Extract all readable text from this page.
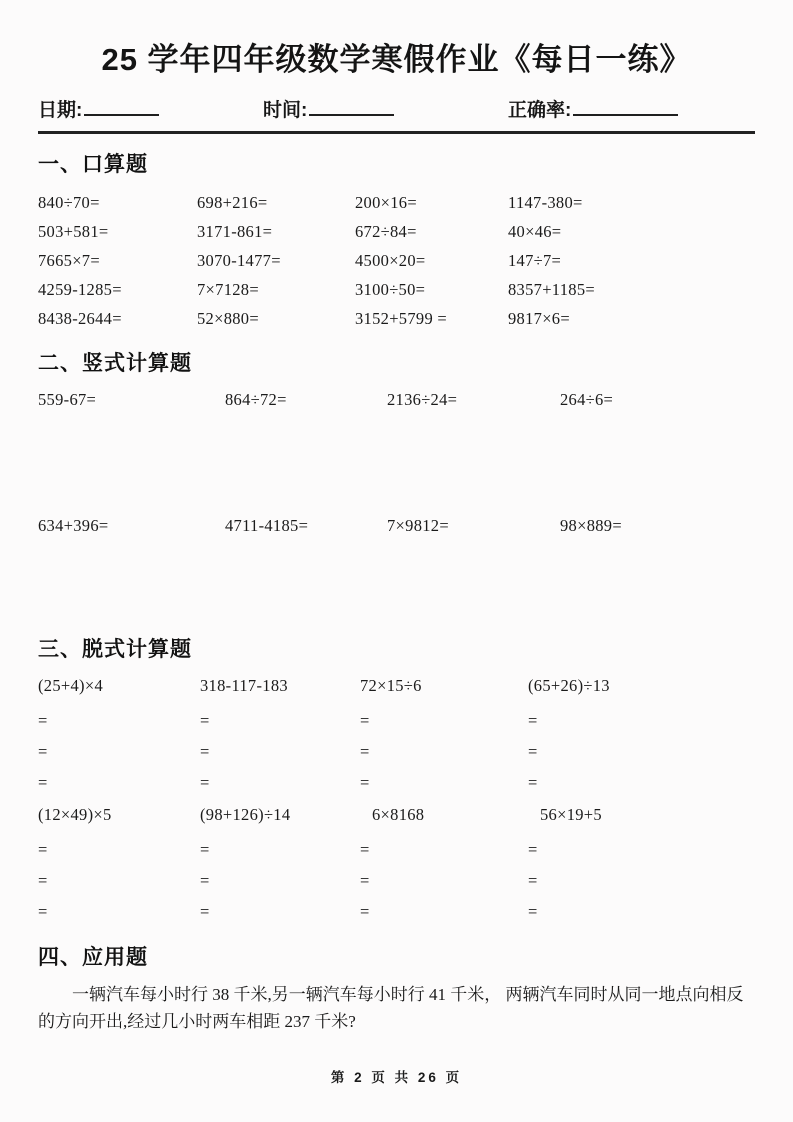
25 学年四年级数学寒假作业《每日一练》
日期:	时间:	正确率:
一、口算题
840÷70=	698+216=	200×16=	1147-380=
503+581=	3171-861=	672÷84=	40×46=
7665×7=	3070-1477=	4500×20=	147÷7=
4259-1285=	7×7128=	3100÷50=	8357+1185=
8438-2644=	52×880=	3152+5799 =	9817×6=
二、竖式计算题
559-67=	864÷72=	2136÷24=	264÷6=
634+396=	4711-4185=	7×9812=	98×889=
三、脱式计算题
(25+4)×4	318-117-183	72×15÷6	(65+26)÷13
=	=	=	=
=	=	=	=
=	=	=	=
(12×49)×5	(98+126)÷14	6×8168	56×19+5
=	=	=	=
=	=	=	=
=	=	=	=
四、应用题

一辆汽车每小时行 38 千米,另一辆汽车每小时行 41 千米， 两辆汽车同时从同一地点向相反的方向开出,经过几小时两车相距 237 千米?

第 2 页 共 26 页
